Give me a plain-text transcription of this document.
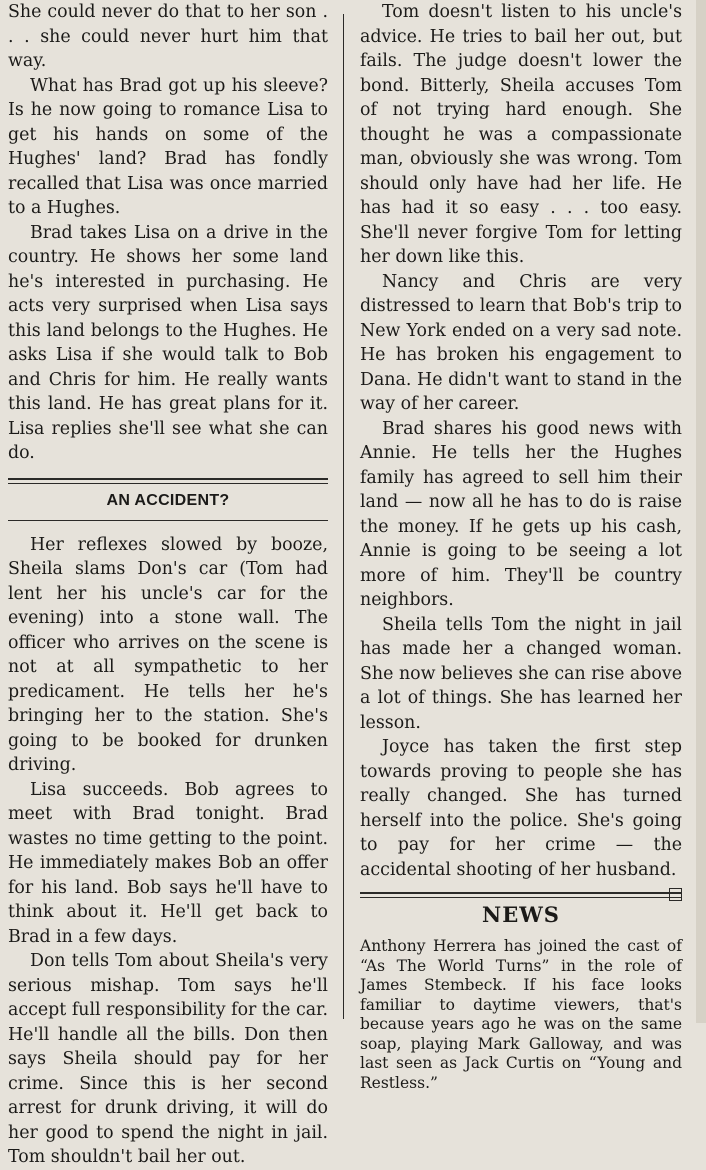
She could never do that to her son . . . she could never hurt him that way.

What has Brad got up his sleeve? Is he now going to romance Lisa to get his hands on some of the Hughes' land? Brad has fondly recalled that Lisa was once married to a Hughes.

Brad takes Lisa on a drive in the country. He shows her some land he's interested in purchasing. He acts very surprised when Lisa says this land belongs to the Hughes. He asks Lisa if she would talk to Bob and Chris for him. He really wants this land. He has great plans for it. Lisa replies she'll see what she can do.

AN ACCIDENT?

Her reflexes slowed by booze, Sheila slams Don's car (Tom had lent her his uncle's car for the evening) into a stone wall. The officer who arrives on the scene is not at all sympathetic to her predicament. He tells her he's bringing her to the station. She's going to be booked for drunken driving.

Lisa succeeds. Bob agrees to meet with Brad tonight. Brad wastes no time getting to the point. He immediately makes Bob an offer for his land. Bob says he'll have to think about it. He'll get back to Brad in a few days.

Don tells Tom about Sheila's very serious mishap. Tom says he'll accept full responsibility for the car. He'll handle all the bills. Don then says Sheila should pay for her crime. Since this is her second arrest for drunk driving, it will do her good to spend the night in jail. Tom shouldn't bail her out.

Tom doesn't listen to his uncle's advice. He tries to bail her out, but fails. The judge doesn't lower the bond. Bitterly, Sheila accuses Tom of not trying hard enough. She thought he was a compassionate man, obviously she was wrong. Tom should only have had her life. He has had it so easy . . . too easy. She'll never forgive Tom for letting her down like this.

Nancy and Chris are very distressed to learn that Bob's trip to New York ended on a very sad note. He has broken his engagement to Dana. He didn't want to stand in the way of her career.

Brad shares his good news with Annie. He tells her the Hughes family has agreed to sell him their land — now all he has to do is raise the money. If he gets up his cash, Annie is going to be seeing a lot more of him. They'll be country neighbors.

Sheila tells Tom the night in jail has made her a changed woman. She now believes she can rise above a lot of things. She has learned her lesson.

Joyce has taken the first step towards proving to people she has really changed. She has turned herself into the police. She's going to pay for her crime — the accidental shooting of her husband.

NEWS

Anthony Herrera has joined the cast of “As The World Turns” in the role of James Stembeck. If his face looks familiar to daytime viewers, that's because years ago he was on the same soap, playing Mark Galloway, and was last seen as Jack Curtis on “Young and Restless.”
